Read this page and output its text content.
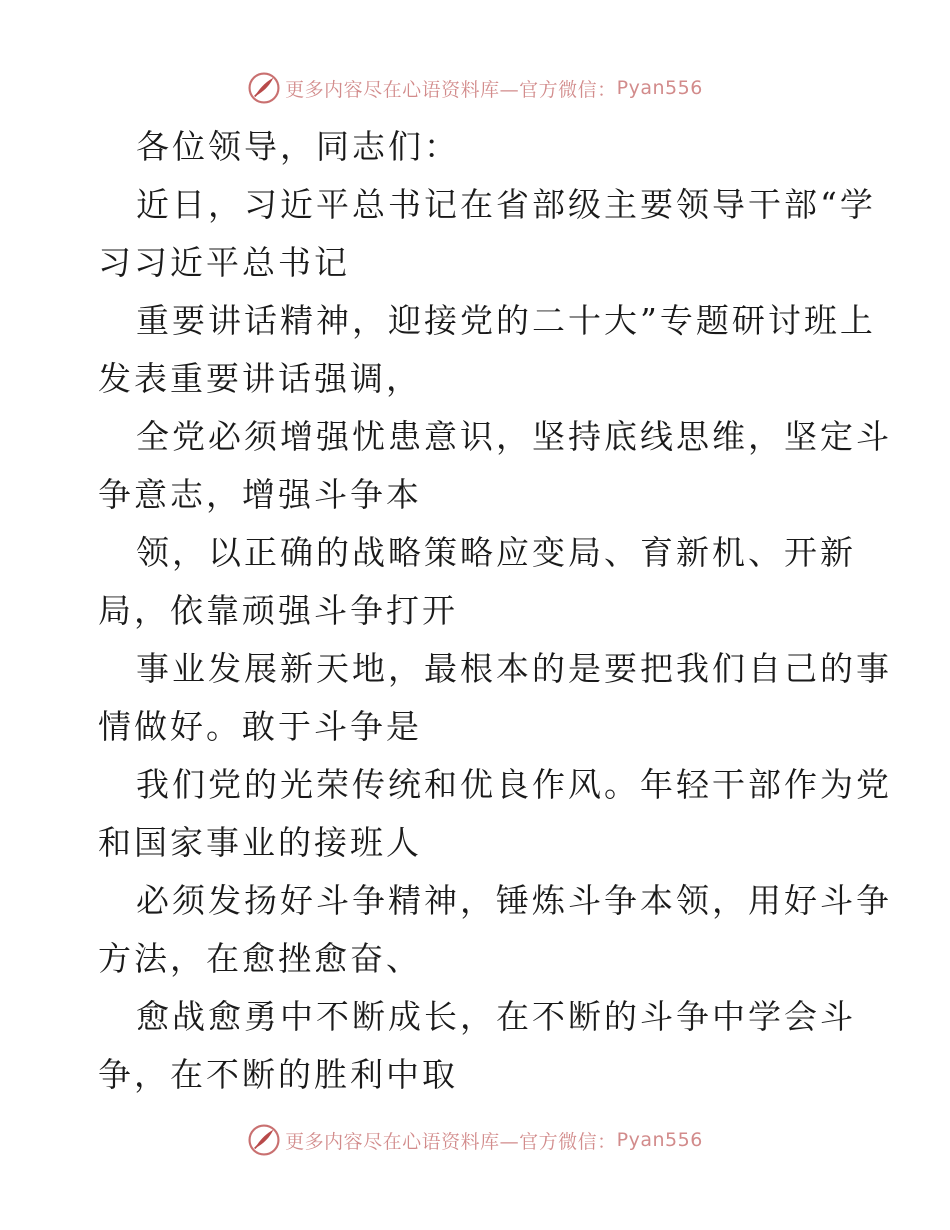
更多内容尽在心语资料库—官方微信： Pyan556

各位领导，同志们：

近日，习近平总书记在省部级主要领导干部“学

习习近平总书记

重要讲话精神，迎接党的二十大”专题研讨班上

发表重要讲话强调，

全党必须增强忧患意识，坚持底线思维，坚定斗

争意志，增强斗争本

领，以正确的战略策略应变局、育新机、开新

局，依靠顽强斗争打开

事业发展新天地，最根本的是要把我们自己的事

情做好。敢于斗争是

我们党的光荣传统和优良作风。年轻干部作为党

和国家事业的接班人

必须发扬好斗争精神，锤炼斗争本领，用好斗争

方法，在愈挫愈奋、

愈战愈勇中不断成长，在不断的斗争中学会斗

争，在不断的胜利中取

更多内容尽在心语资料库—官方微信： Pyan556
